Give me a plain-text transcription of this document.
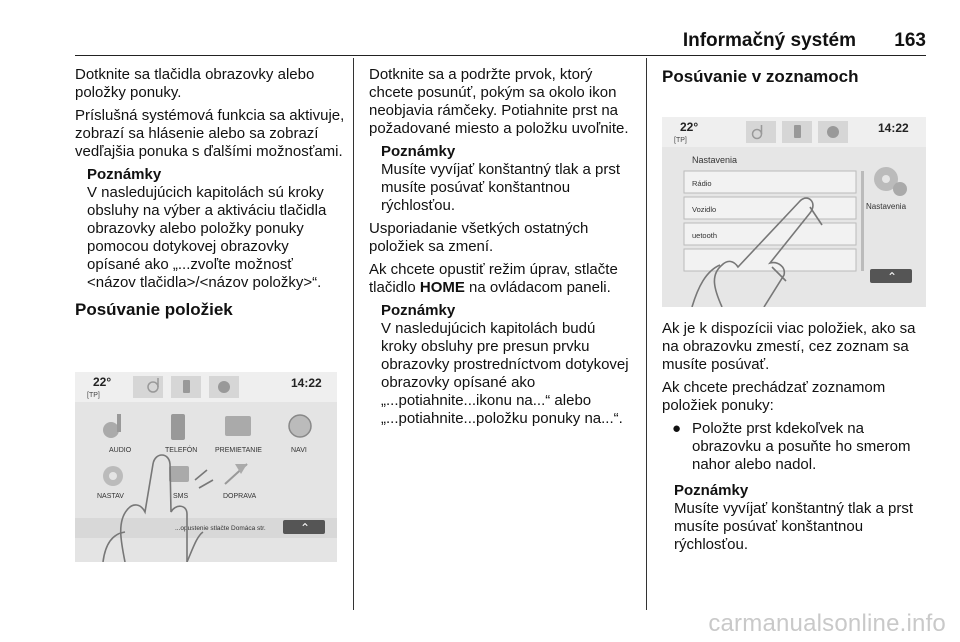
Informačný systém 163

Dotknite sa tlačidla obrazovky alebo položky ponuky.

Príslušná systémová funkcia sa aktivuje, zobrazí sa hlásenie alebo sa zobrazí vedľajšia ponuka s ďalšími možnosťami.

Poznámky
V nasledujúcich kapitolách sú kroky obsluhy na výber a aktiváciu tlačidla obrazovky alebo položky ponuky pomocou dotykovej obrazovky opísané ako „...zvoľte možnosť <názov tlačidla>/<názov položky>“.
Posúvanie položiek
22°
[TP]
14:22
AUDIO	TELEFÓN	PREMIETANIE	NAVI
NASTAV	SMS	DOPRAVA
...opustenie stlačte Domáca str.	⌃

Dotknite sa a podržte prvok, ktorý chcete posunúť, pokým sa okolo ikon neobjavia rámčeky. Potiahnite prst na požadované miesto a položku uvoľnite.

Poznámky
Musíte vyvíjať konštantný tlak a prst musíte posúvať konštantnou rýchlosťou.

Usporiadanie všetkých ostatných položiek sa zmení.

Ak chcete opustiť režim úprav, stlačte tlačidlo HOME na ovládacom paneli.

Poznámky
V nasledujúcich kapitolách budú kroky obsluhy pre presun prvku obrazovky prostredníctvom dotykovej obrazovky opísané ako „...potiahnite...ikonu na...“ alebo „...potiahnite...položku ponuky na...“.
Posúvanie v zoznamoch

Ak je k dispozícii viac položiek, ako sa na obrazovku zmestí, cez zoznam sa musíte posúvať.

Ak chcete prechádzať zoznamom položiek ponuky:

● Položte prst kdekoľvek na obrazovku a posuňte ho smerom nahor alebo nadol.
Poznámky
Musíte vyvíjať konštantný tlak a prst musíte posúvať konštantnou rýchlosťou.
22°
[TP]
14:22
Nastavenia
Rádio
Vozidlo
uetooth
Nastavenia
⌃
carmanualsonline.info
